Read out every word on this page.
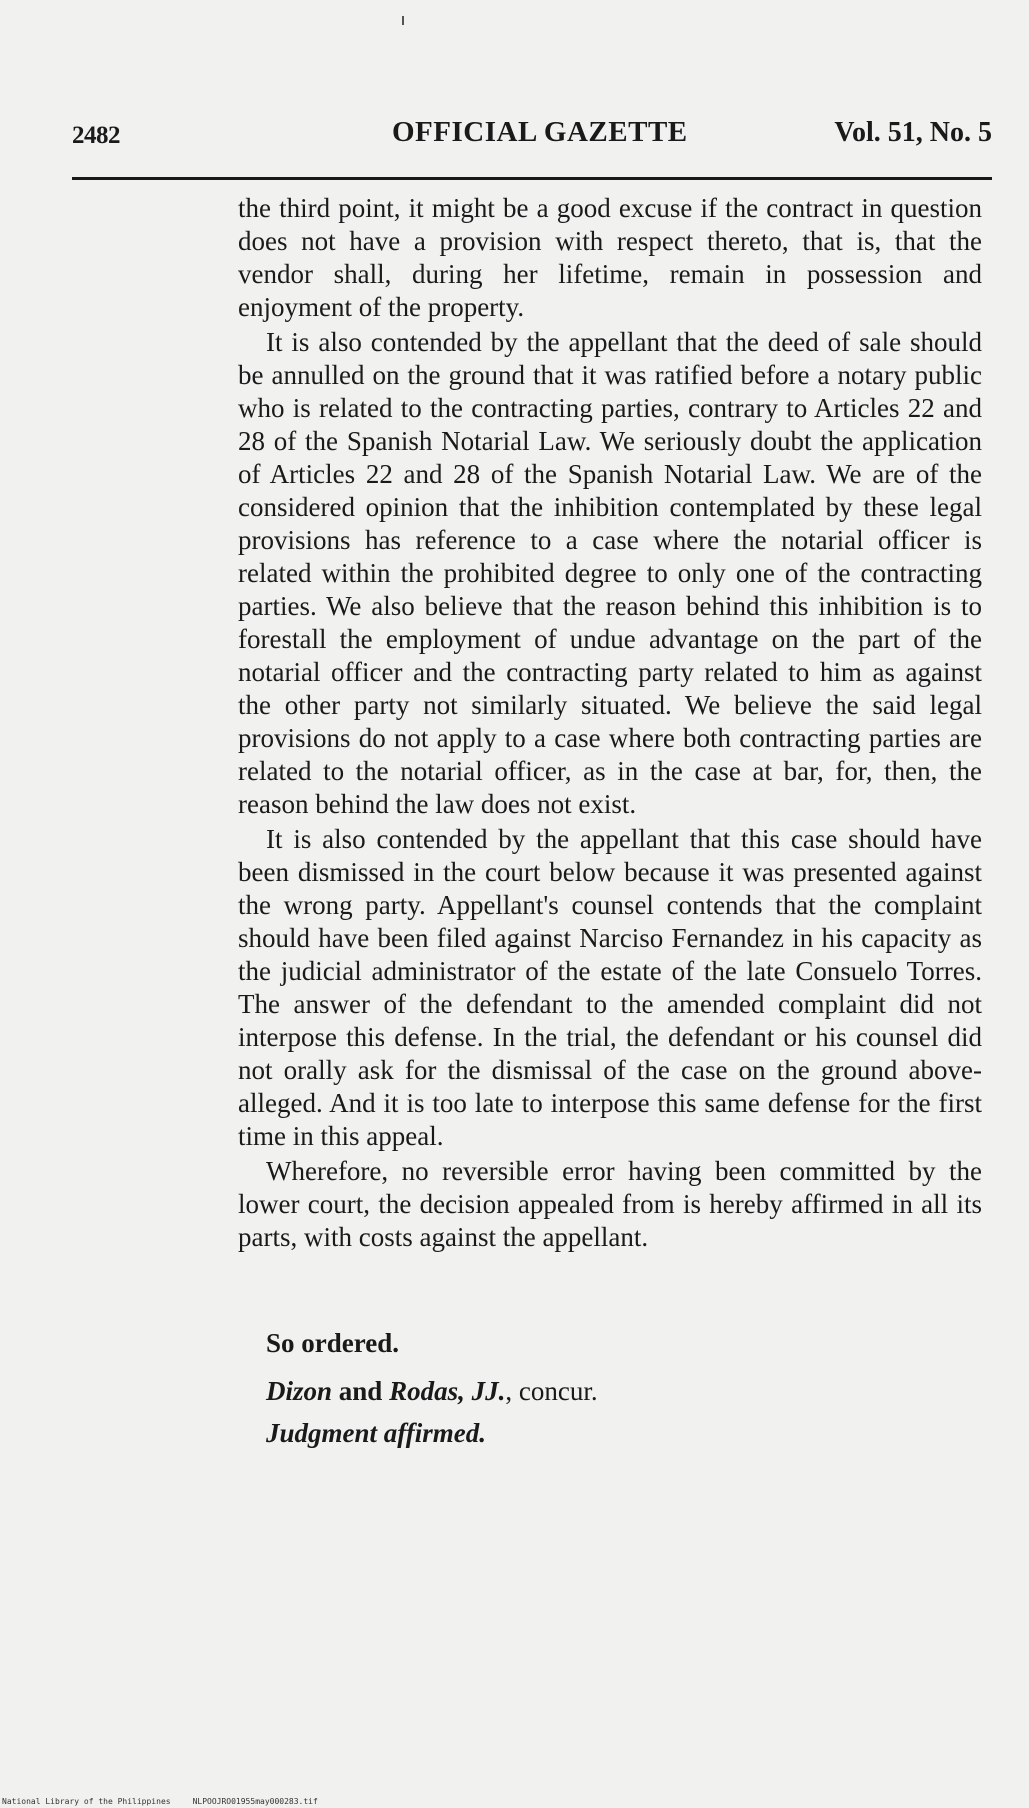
2482	OFFICIAL GAZETTE	Vol. 51, No. 5

the third point, it might be a good excuse if the contract in question does not have a provision with respect thereto, that is, that the vendor shall, during her lifetime, remain in possession and enjoyment of the property.

It is also contended by the appellant that the deed of sale should be annulled on the ground that it was ratified before a notary public who is related to the contracting parties, contrary to Articles 22 and 28 of the Spanish Notarial Law. We seriously doubt the application of Articles 22 and 28 of the Spanish Notarial Law. We are of the considered opinion that the inhibition contemplated by these legal provisions has reference to a case where the notarial officer is related within the prohibited degree to only one of the contracting parties. We also believe that the reason behind this inhibition is to forestall the employment of undue advantage on the part of the notarial officer and the contracting party related to him as against the other party not similarly situated. We believe the said legal provisions do not apply to a case where both contracting parties are related to the notarial officer, as in the case at bar, for, then, the reason behind the law does not exist.

It is also contended by the appellant that this case should have been dismissed in the court below because it was presented against the wrong party. Appellant's counsel contends that the complaint should have been filed against Narciso Fernandez in his capacity as the judicial administrator of the estate of the late Consuelo Torres. The answer of the defendant to the amended complaint did not interpose this defense. In the trial, the defendant or his counsel did not orally ask for the dismissal of the case on the ground above-alleged. And it is too late to interpose this same defense for the first time in this appeal.

Wherefore, no reversible error having been committed by the lower court, the decision appealed from is hereby affirmed in all its parts, with costs against the appellant.

So ordered.
Dizon and Rodas, JJ., concur.
Judgment affirmed.
National Library of the Philippines	NLPOOJRO01955may000283.tif
